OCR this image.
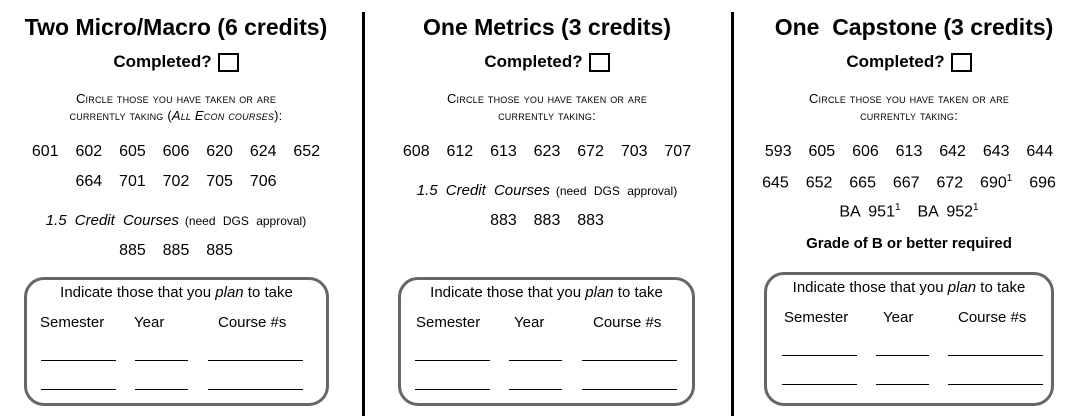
Two Micro/Macro (6 credits)
Completed?
Circle those you have taken or are
currently taking (All Econ courses):
601  602  605  606  620  624  652
664  701  702  705  706
1.5 Credit Courses (need DGS approval)
885  885  885
Indicate those that you plan to take
Semester Year	Course #s
One Metrics (3 credits)
Completed?
Circle those you have taken or are
currently taking:
608  612  613  623  672  703  707
1.5 Credit Courses (need DGS approval)
883  883  883
Indicate those that you plan to take
Semester Year	Course #s
One  Capstone (3 credits)
Completed?
Circle those you have taken or are
currently taking:
593  605  606  613  642  643  644
645  652  665  667  672  $690^1$ 696
BA $951^1$ BA $952^1$
Grade of B or better required
Indicate those that you plan to take
Semester Year	Course #s
